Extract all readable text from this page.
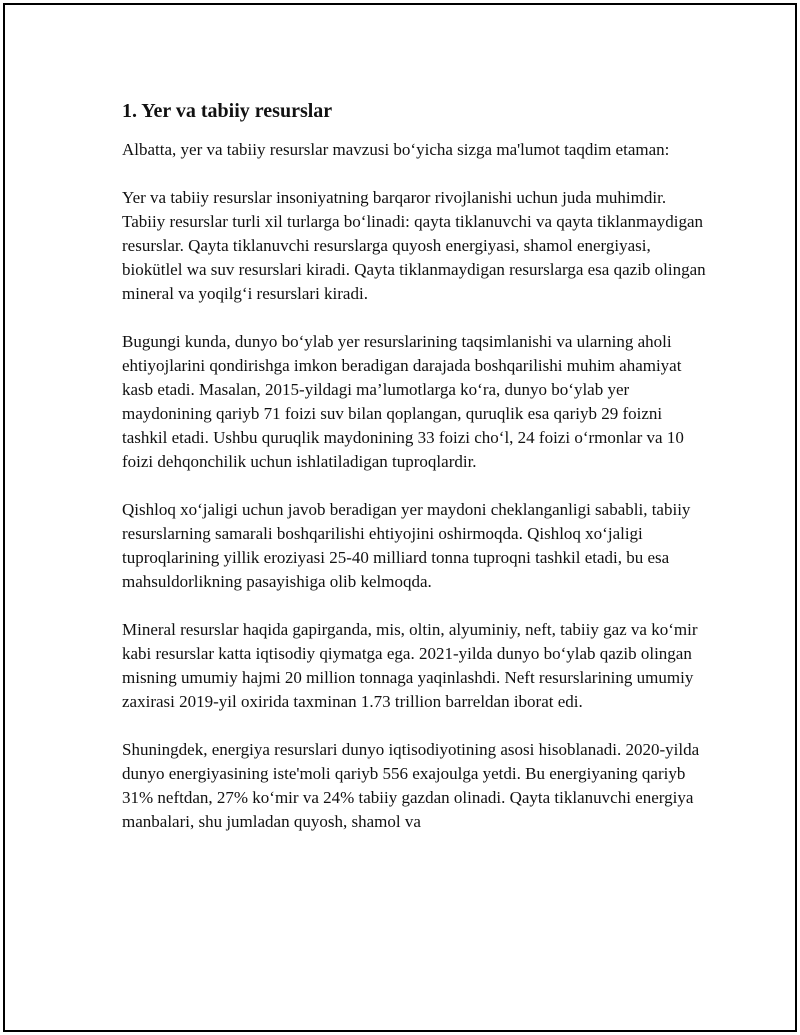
1. Yer va tabiiy resurslar

Albatta, yer va tabiiy resurslar mavzusi bo‘yicha sizga ma'lumot taqdim etaman:

Yer va tabiiy resurslar insoniyatning barqaror rivojlanishi uchun juda muhimdir. Tabiiy resurslar turli xil turlarga bo‘linadi: qayta tiklanuvchi va qayta tiklanmaydigan resurslar. Qayta tiklanuvchi resurslarga quyosh energiyasi, shamol energiyasi, biokütlel wa suv resurslari kiradi. Qayta tiklanmaydigan resurslarga esa qazib olingan mineral va yoqilg‘i resurslari kiradi.

Bugungi kunda, dunyo bo‘ylab yer resurslarining taqsimlanishi va ularning aholi ehtiyojlarini qondirishga imkon beradigan darajada boshqarilishi muhim ahamiyat kasb etadi. Masalan, 2015-yildagi ma’lumotlarga ko‘ra, dunyo bo‘ylab yer maydonining qariyb 71 foizi suv bilan qoplangan, quruqlik esa qariyb 29 foizni tashkil etadi. Ushbu quruqlik maydonining 33 foizi cho‘l, 24 foizi o‘rmonlar va 10 foizi dehqonchilik uchun ishlatiladigan tuproqlardir.

Qishloq xo‘jaligi uchun javob beradigan yer maydoni cheklanganligi sababli, tabiiy resurslarning samarali boshqarilishi ehtiyojini oshirmoqda. Qishloq xo‘jaligi tuproqlarining yillik eroziyasi 25-40 milliard tonna tuproqni tashkil etadi, bu esa mahsuldorlikning pasayishiga olib kelmoqda.

Mineral resurslar haqida gapirganda, mis, oltin, alyuminiy, neft, tabiiy gaz va ko‘mir kabi resurslar katta iqtisodiy qiymatga ega. 2021-yilda dunyo bo‘ylab qazib olingan misning umumiy hajmi 20 million tonnaga yaqinlashdi. Neft resurslarining umumiy zaxirasi 2019-yil oxirida taxminan 1.73 trillion barreldan iborat edi.

Shuningdek, energiya resurslari dunyo iqtisodiyotining asosi hisoblanadi. 2020-yilda dunyo energiyasining iste'moli qariyb 556 exajoulga yetdi. Bu energiyaning qariyb 31% neftdan, 27% ko‘mir va 24% tabiiy gazdan olinadi. Qayta tiklanuvchi energiya manbalari, shu jumladan quyosh, shamol va
